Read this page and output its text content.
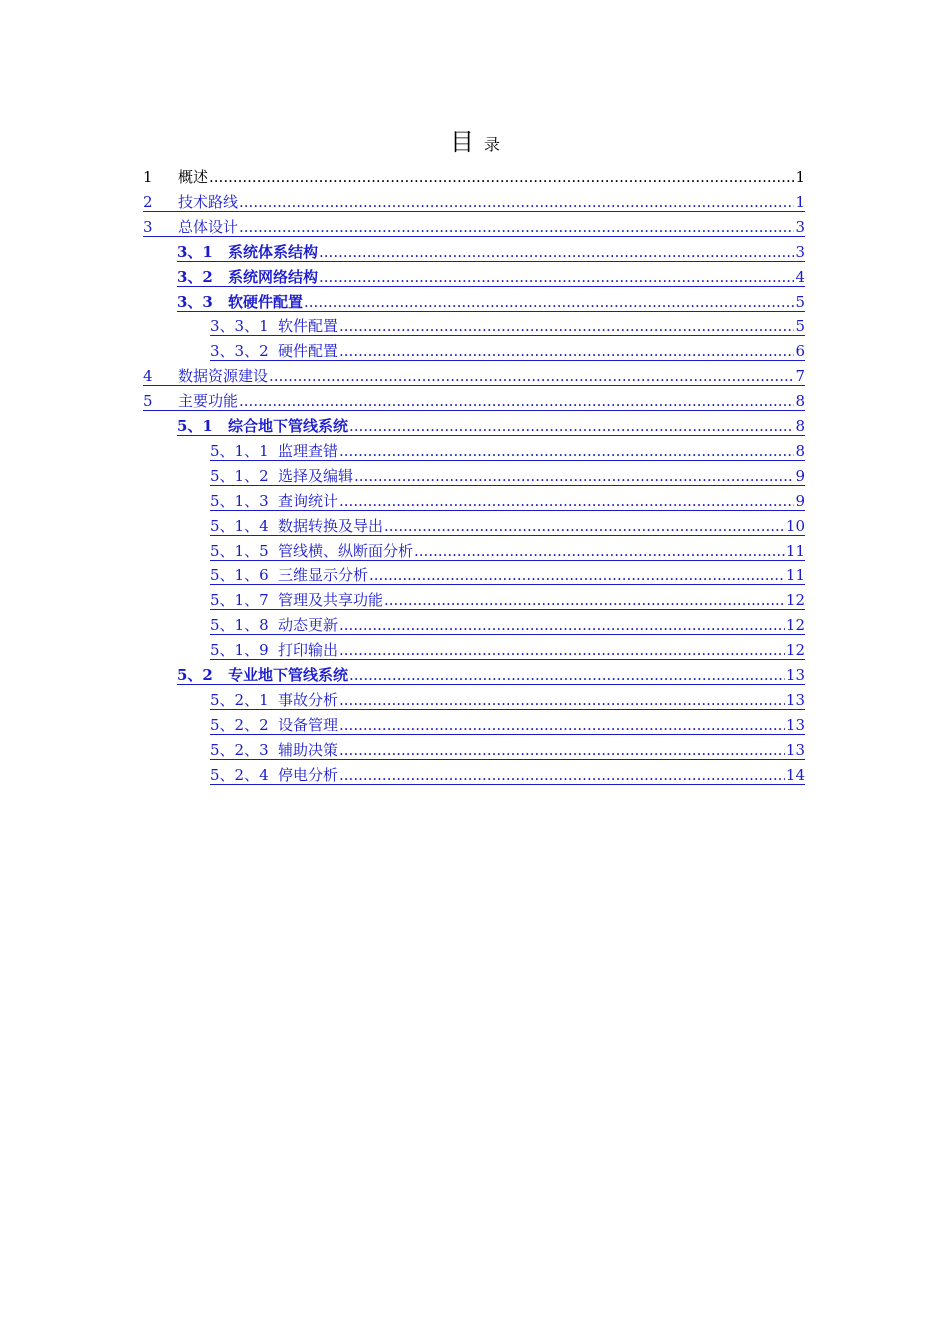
目录
1	概述 .....	1
2	技术路线 .....	1
3	总体设计 .....	3
3、1	系统体系结构 .....	3
3、2	系统网络结构 .....	4
3、3	软硬件配置 .....	5
3、3、1 软件配置 .....	5
3、3、2 硬件配置 .....	6
4	数据资源建设 .....	7
5	主要功能 .....	8
5、1	综合地下管线系统 .....	8
5、1、1 监理查错 .....	8
5、1、2 选择及编辑 .....	9
5、1、3 查询统计 .....	9
5、1、4 数据转换及导出 .....	10
5、1、5 管线横、纵断面分析 .....	11
5、1、6 三维显示分析 .....	11
5、1、7 管理及共享功能 .....	12
5、1、8 动态更新 .....	12
5、1、9 打印输出 .....	12
5、2	专业地下管线系统 .....	13
5、2、1 事故分析 .....	13
5、2、2 设备管理 .....	13
5、2、3 辅助决策 .....	13
5、2、4 停电分析 .....	14
